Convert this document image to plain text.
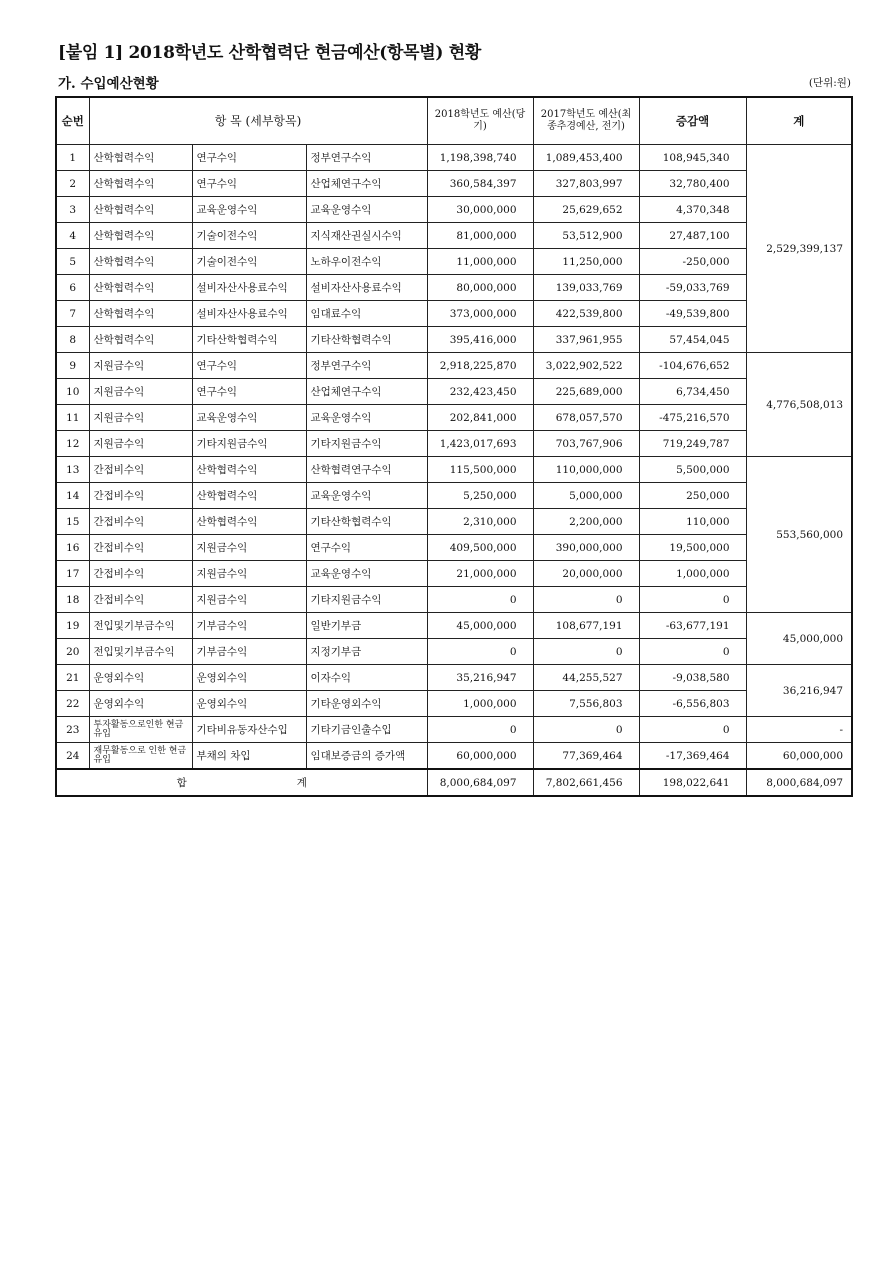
[붙임 1] 2018학년도 산학협력단 현금예산(항목별) 현황
가. 수입예산현황	(단위:원)
순번	항 목 (세부항목)			2018학년도 예산(당기)	2017학년도 예산(최종추경예산, 전기)	증감액	계
1	산학협력수익	연구수익	정부연구수익	1,198,398,740	1,089,453,400	108,945,340	2,529,399,137
2	산학협력수익	연구수익	산업체연구수익	360,584,397	327,803,997	32,780,400	
3	산학협력수익	교육운영수익	교육운영수익	30,000,000	25,629,652	4,370,348	
4	산학협력수익	기술이전수익	지식재산권실시수익	81,000,000	53,512,900	27,487,100	
5	산학협력수익	기술이전수익	노하우이전수익	11,000,000	11,250,000	-250,000	
6	산학협력수익	설비자산사용료수익	설비자산사용료수익	80,000,000	139,033,769	-59,033,769	
7	산학협력수익	설비자산사용료수익	임대료수익	373,000,000	422,539,800	-49,539,800	
8	산학협력수익	기타산학협력수익	기타산학협력수익	395,416,000	337,961,955	57,454,045	
9	지원금수익	연구수익	정부연구수익	2,918,225,870	3,022,902,522	-104,676,652	4,776,508,013
10	지원금수익	연구수익	산업체연구수익	232,423,450	225,689,000	6,734,450	
11	지원금수익	교육운영수익	교육운영수익	202,841,000	678,057,570	-475,216,570	
12	지원금수익	기타지원금수익	기타지원금수익	1,423,017,693	703,767,906	719,249,787	
13	간접비수익	산학협력수익	산학협력연구수익	115,500,000	110,000,000	5,500,000	553,560,000
14	간접비수익	산학협력수익	교육운영수익	5,250,000	5,000,000	250,000	
15	간접비수익	산학협력수익	기타산학협력수익	2,310,000	2,200,000	110,000	
16	간접비수익	지원금수익	연구수익	409,500,000	390,000,000	19,500,000	
17	간접비수익	지원금수익	교육운영수익	21,000,000	20,000,000	1,000,000	
18	간접비수익	지원금수익	기타지원금수익	0	0	0	
19	전입및기부금수익	기부금수익	일반기부금	45,000,000	108,677,191	-63,677,191	45,000,000
20	전입및기부금수익	기부금수익	지정기부금	0	0	0	
21	운영외수익	운영외수익	이자수익	35,216,947	44,255,527	-9,038,580	36,216,947
22	운영외수익	운영외수익	기타운영외수익	1,000,000	7,556,803	-6,556,803	
23	투자활동으로인한 현금유입	기타비유동자산수입	기타기금인출수입	0	0	0	-
24	재무활동으로 인한 현금유입	부채의 차입	임대보증금의 증가액	60,000,000	77,369,464	-17,369,464	60,000,000
합 계				8,000,684,097	7,802,661,456	198,022,641	8,000,684,097
